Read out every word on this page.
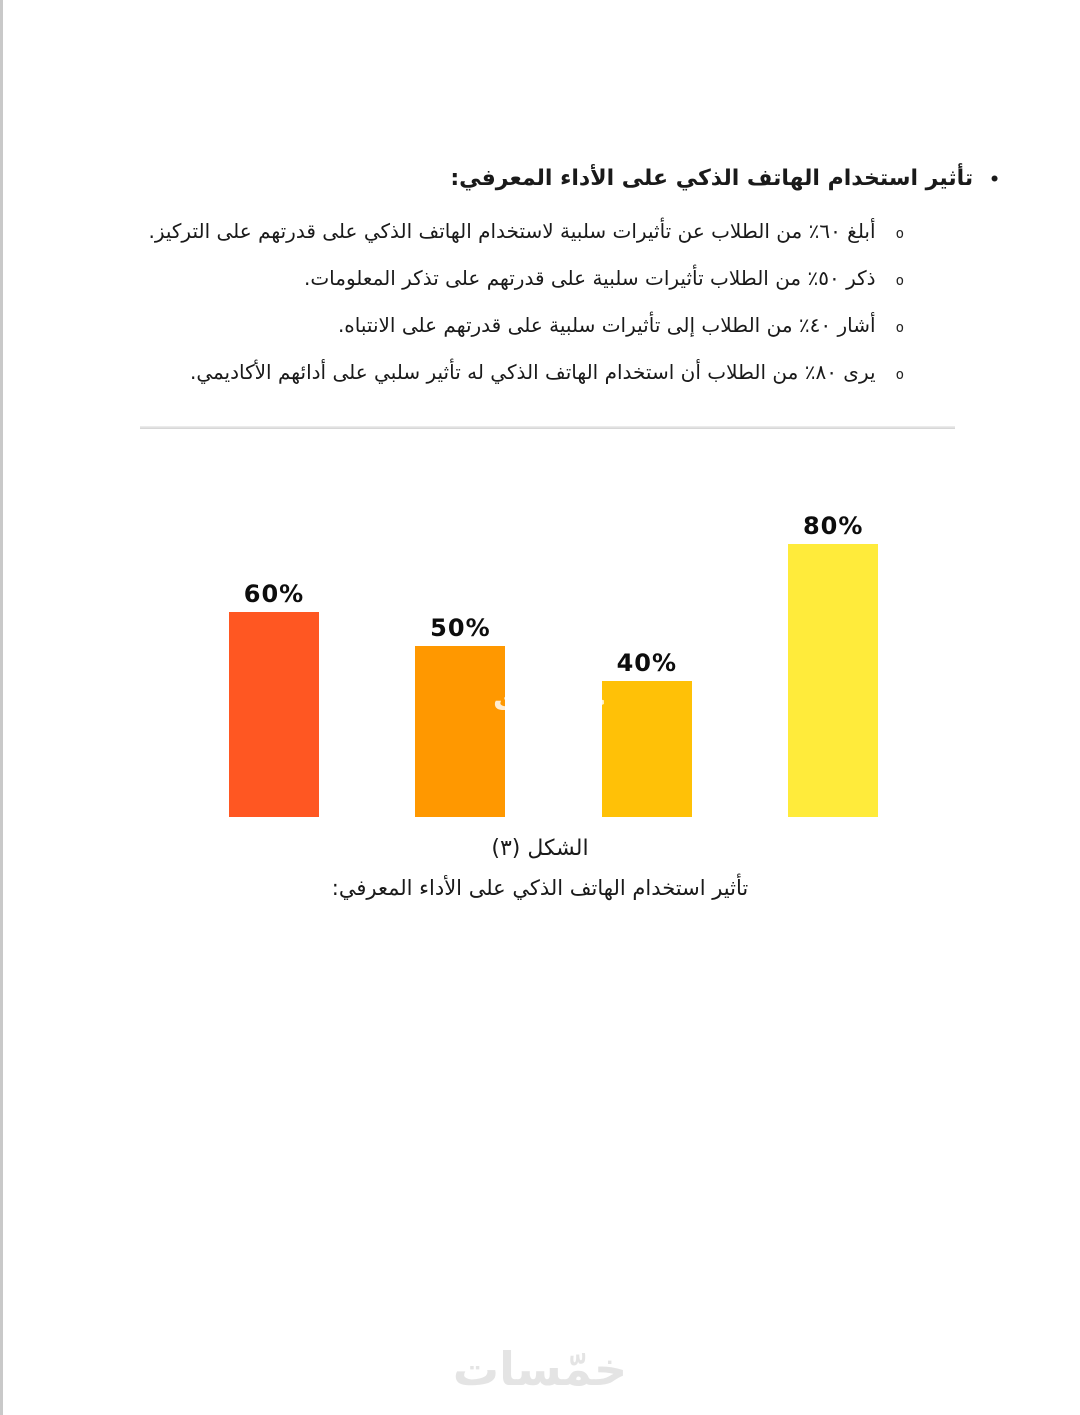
•
تأثير استخدام الهاتف الذكي على الأداء المعرفي:
o
أبلغ ٦٠٪ من الطلاب عن تأثيرات سلبية لاستخدام الهاتف الذكي على قدرتهم على التركيز.
o
ذكر ٥٠٪ من الطلاب تأثيرات سلبية على قدرتهم على تذكر المعلومات.
o
أشار ٤٠٪ من الطلاب إلى تأثيرات سلبية على قدرتهم على الانتباه.
o
يرى ٨٠٪ من الطلاب أن استخدام الهاتف الذكي له تأثير سلبي على أدائهم الأكاديمي.
60%
50%
40%
80%
خمسات
الشكل (٣)
تأثير استخدام الهاتف الذكي على الأداء المعرفي:
خمّسات
